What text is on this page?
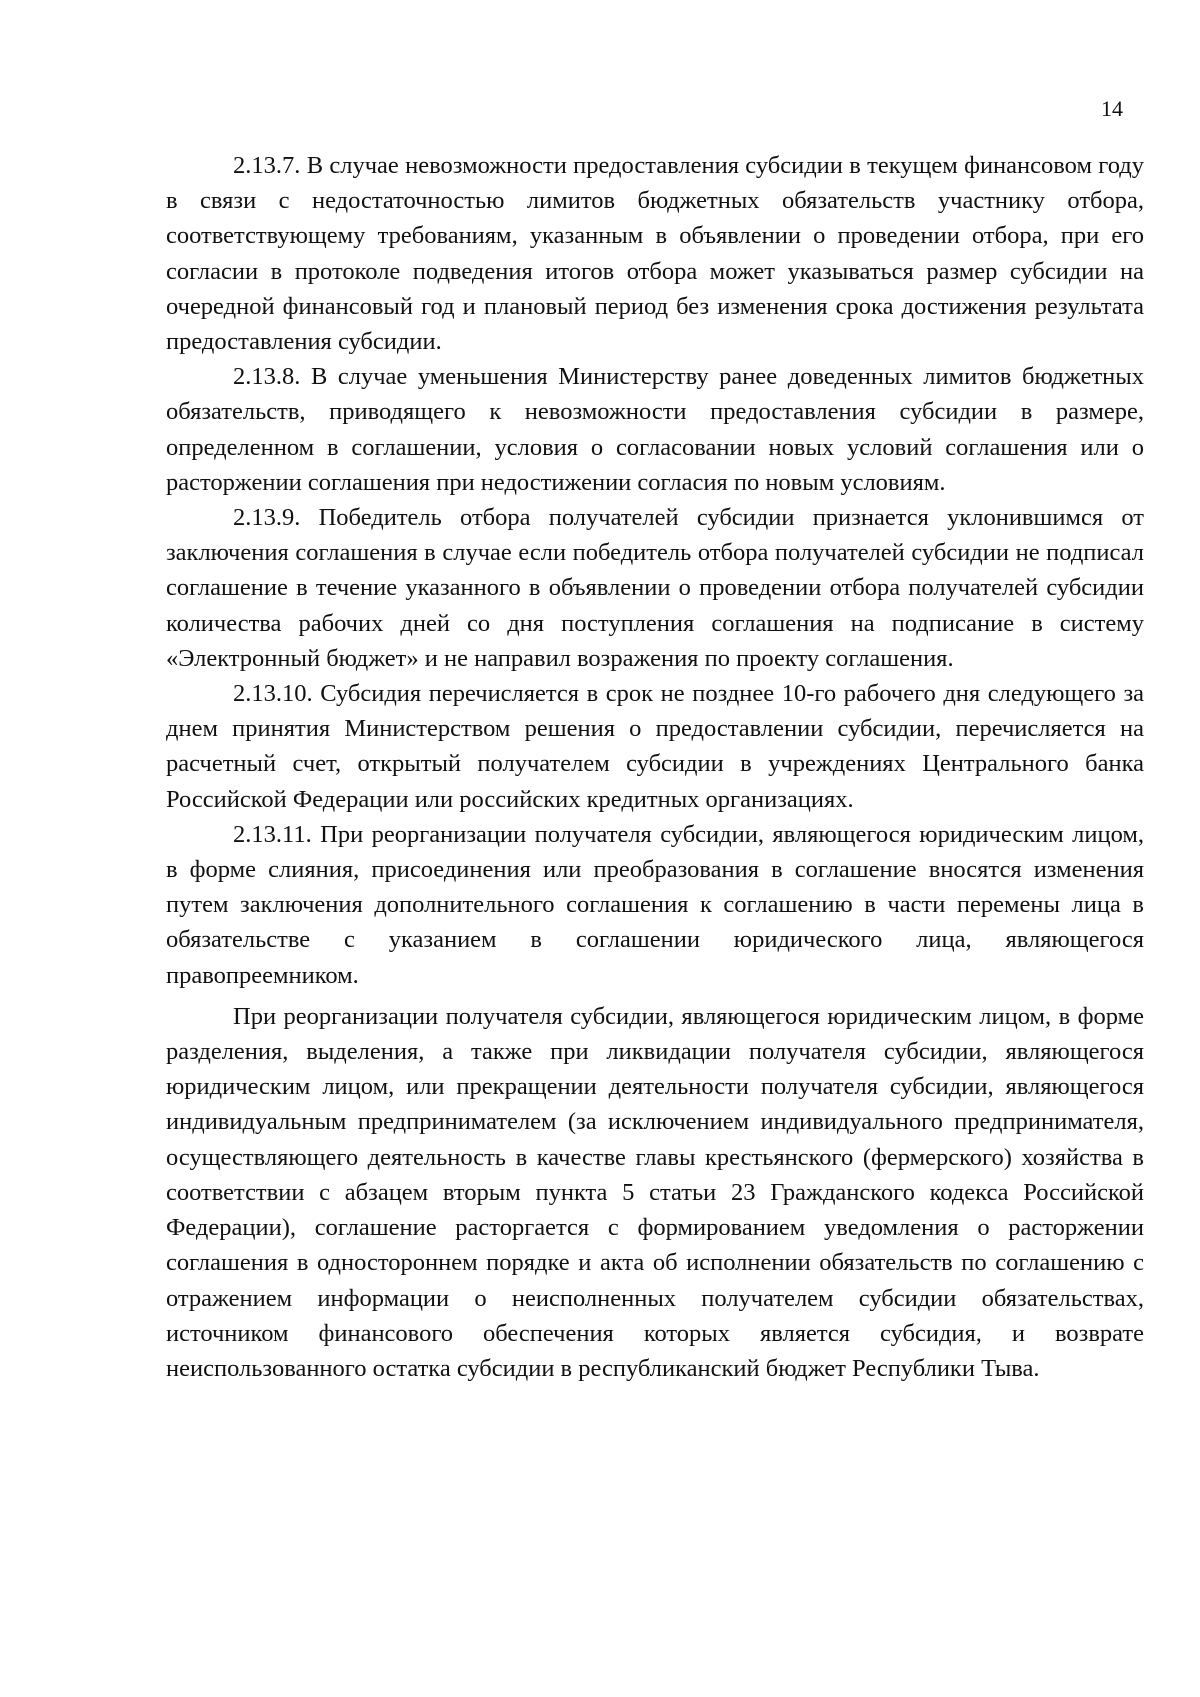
14

2.13.7. В случае невозможности предоставления субсидии в текущем финансовом году в связи с недостаточностью лимитов бюджетных обязательств участнику отбора, соответствующему требованиям, указанным в объявлении о проведении отбора, при его согласии в протоколе подведения итогов отбора может указываться размер субсидии на очередной финансовый год и плановый период без изменения срока достижения результата предоставления субсидии.

2.13.8. В случае уменьшения Министерству ранее доведенных лимитов бюджетных обязательств, приводящего к невозможности предоставления субсидии в размере, определенном в соглашении, условия о согласовании новых условий соглашения или о расторжении соглашения при недостижении согласия по новым условиям.

2.13.9. Победитель отбора получателей субсидии признается уклонившимся от заключения соглашения в случае если победитель отбора получателей субсидии не подписал соглашение в течение указанного в объявлении о проведении отбора получателей субсидии количества рабочих дней со дня поступления соглашения на подписание в систему «Электронный бюджет» и не направил возражения по проекту соглашения.

2.13.10. Субсидия перечисляется в срок не позднее 10-го рабочего дня следующего за днем принятия Министерством решения о предоставлении субсидии, перечисляется на расчетный счет, открытый получателем субсидии в учреждениях Центрального банка Российской Федерации или российских кредитных организациях.

2.13.11. При реорганизации получателя субсидии, являющегося юридическим лицом, в форме слияния, присоединения или преобразования в соглашение вносятся изменения путем заключения дополнительного соглашения к соглашению в части перемены лица в обязательстве с указанием в соглашении юридического лица, являющегося правопреемником.

При реорганизации получателя субсидии, являющегося юридическим лицом, в форме разделения, выделения, а также при ликвидации получателя субсидии, являющегося юридическим лицом, или прекращении деятельности получателя субсидии, являющегося индивидуальным предпринимателем (за исключением индивидуального предпринимателя, осуществляющего деятельность в качестве главы крестьянского (фермерского) хозяйства в соответствии с абзацем вторым пункта 5 статьи 23 Гражданского кодекса Российской Федерации), соглашение расторгается с формированием уведомления о расторжении соглашения в одностороннем порядке и акта об исполнении обязательств по соглашению с отражением информации о неисполненных получателем субсидии обязательствах, источником финансового обеспечения которых является субсидия, и возврате неиспользованного остатка субсидии в республиканский бюджет Республики Тыва.
